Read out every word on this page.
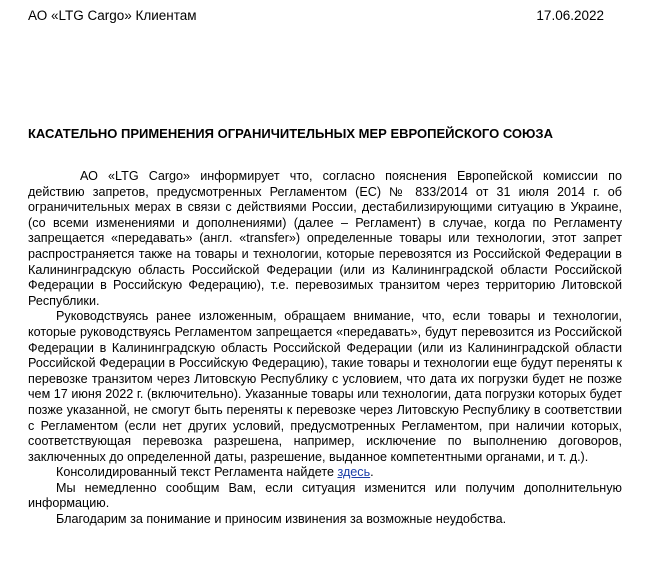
АО «LTG Cargo» Клиентам	17.06.2022
КАСАТЕЛЬНО ПРИМЕНЕНИЯ ОГРАНИЧИТЕЛЬНЫХ МЕР ЕВРОПЕЙСКОГО СОЮЗА

АО «LTG Cargo» информирует что, согласно пояснения Европейской комиссии по действию запретов, предусмотренных Регламентом (ЕС) № 833/2014 от 31 июля 2014 г. об ограничительных мерах в связи с действиями России, дестабилизирующими ситуацию в Украине, (со всеми изменениями и дополнениями) (далее – Регламент) в случае, когда по Регламенту запрещается «передавать» (англ. «transfer») определенные товары или технологии, этот запрет распространяется также на товары и технологии, которые перевозятся из Российской Федерации в Калининградскую область Российской Федерации (или из Калининградской области Российской Федерации в Российскую Федерацию), т.е. перевозимых транзитом через территорию Литовской Республики.

Руководствуясь ранее изложенным, обращаем внимание, что, если товары и технологии, которые руководствуясь Регламентом запрещается «передавать», будут перевозится из Российской Федерации в Калининградскую область Российской Федерации (или из Калининградской области Российской Федерации в Российскую Федерацию), такие товары и технологии еще будут переняты к перевозке транзитом через Литовскую Республику с условием, что дата их погрузки будет не позже чем 17 июня 2022 г. (включительно). Указанные товары или технологии, дата погрузки которых будет позже указанной, не смогут быть переняты к перевозке через Литовскую Республику в соответствии с Регламентом (если нет других условий, предусмотренных Регламентом, при наличии которых, соответствующая перевозка разрешена, например, исключение по выполнению договоров, заключенных до определенной даты, разрешение, выданное компетентными органами, и т. д.).

Консолидированный текст Регламента найдете здесь.

Мы немедленно сообщим Вам, если ситуация изменится или получим дополнительную информацию.

Благодарим за понимание и приносим извинения за возможные неудобства.
